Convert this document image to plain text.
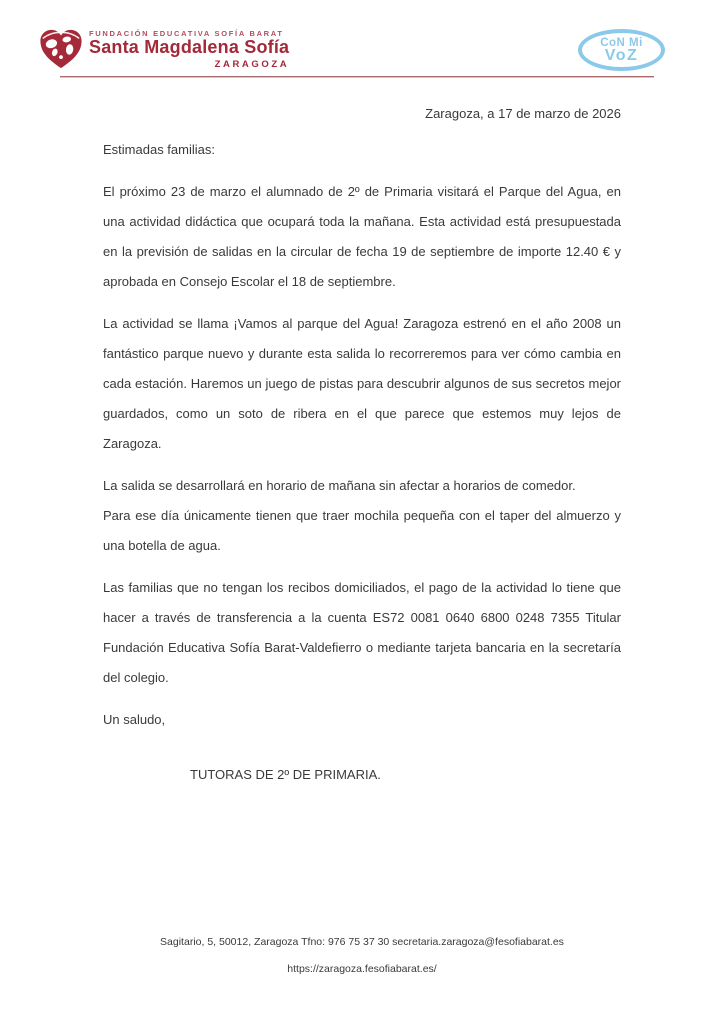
FUNDACIÓN EDUCATIVA SOFÍA BARAT
Santa Magdalena Sofía
ZARAGOZA
CoN Mi
VoZ

Zaragoza, a 17 de marzo de 2026

Estimadas familias:

El próximo 23 de marzo el alumnado de 2º de Primaria visitará el Parque del Agua, en una actividad didáctica que ocupará toda la mañana. Esta actividad está presupuestada en la previsión de salidas en la circular de fecha 19 de septiembre de importe 12.40 € y aprobada en Consejo Escolar el 18 de septiembre.

La actividad se llama ¡Vamos al parque del Agua! Zaragoza estrenó en el año 2008 un fantástico parque nuevo y durante esta salida lo recorreremos para ver cómo cambia en cada estación. Haremos un juego de pistas para descubrir algunos de sus secretos mejor guardados, como un soto de ribera en el que parece que estemos muy lejos de Zaragoza.

La salida se desarrollará en horario de mañana sin afectar a horarios de comedor.
Para ese día únicamente tienen que traer mochila pequeña con el taper del almuerzo y una botella de agua.

Las familias que no tengan los recibos domiciliados, el pago de la actividad lo tiene que hacer a través de transferencia a la cuenta ES72 0081 0640 6800 0248 7355 Titular Fundación Educativa Sofía Barat-Valdefierro o mediante tarjeta bancaria en la secretaría del colegio.

Un saludo,

TUTORAS DE 2º DE PRIMARIA.

Sagitario, 5, 50012, Zaragoza Tfno: 976 75 37 30 secretaria.zaragoza@fesofiabarat.es
https://zaragoza.fesofiabarat.es/
